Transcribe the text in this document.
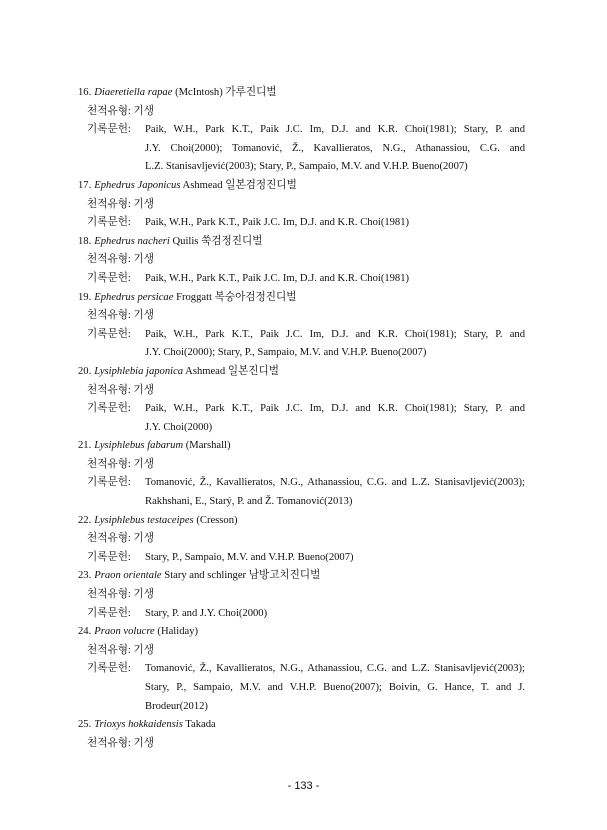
16. Diaeretiella rapae (McIntosh) 가루진디벌
천적유형: 기생
기록문헌:	Paik, W.H., Park K.T., Paik J.C. Im, D.J. and K.R. Choi(1981); Stary, P. and
J.Y. Choi(2000); Tomanović, Ž., Kavallieratos, N.G., Athanassiou, C.G. and
L.Z. Stanisavljević(2003); Stary, P., Sampaio, M.V. and V.H.P. Bueno(2007)
17. Ephedrus Japonicus Ashmead 일본검정진디벌
천적유형: 기생
기록문헌:	Paik, W.H., Park K.T., Paik J.C. Im, D.J. and K.R. Choi(1981)
18. Ephedrus nacheri Quilis 쑥검정진디벌
천적유형: 기생
기록문헌:	Paik, W.H., Park K.T., Paik J.C. Im, D.J. and K.R. Choi(1981)
19. Ephedrus persicae Froggatt 복숭아검정진디벌
천적유형: 기생
기록문헌:	Paik, W.H., Park K.T., Paik J.C. Im, D.J. and K.R. Choi(1981); Stary, P. and
J.Y. Choi(2000); Stary, P., Sampaio, M.V. and V.H.P. Bueno(2007)
20. Lysiphlebia japonica Ashmead 일본진디벌
천적유형: 기생
기록문헌:	Paik, W.H., Park K.T., Paik J.C. Im, D.J. and K.R. Choi(1981); Stary, P. and
J.Y. Choi(2000)
21. Lysiphlebus fabarum (Marshall)
천적유형: 기생
기록문헌:	Tomanović, Ž., Kavallieratos, N.G., Athanassiou, C.G. and L.Z. Stanisavljević(2003);
Rakhshani, E., Starý, P. and Ž. Tomanović(2013)
22. Lysiphlebus testaceipes (Cresson)
천적유형: 기생
기록문헌:	Stary, P., Sampaio, M.V. and V.H.P. Bueno(2007)
23. Praon orientale Stary and schlinger 남방고치진디벌
천적유형: 기생
기록문헌:	Stary, P. and J.Y. Choi(2000)
24. Praon volucre (Haliday)
천적유형: 기생
기록문헌:	Tomanović, Ž., Kavallieratos, N.G., Athanassiou, C.G. and L.Z. Stanisavljević(2003);
Stary, P., Sampaio, M.V. and V.H.P. Bueno(2007); Boivin, G. Hance, T. and J.
Brodeur(2012)
25. Trioxys hokkaidensis Takada
천적유형: 기생
- 133 -
